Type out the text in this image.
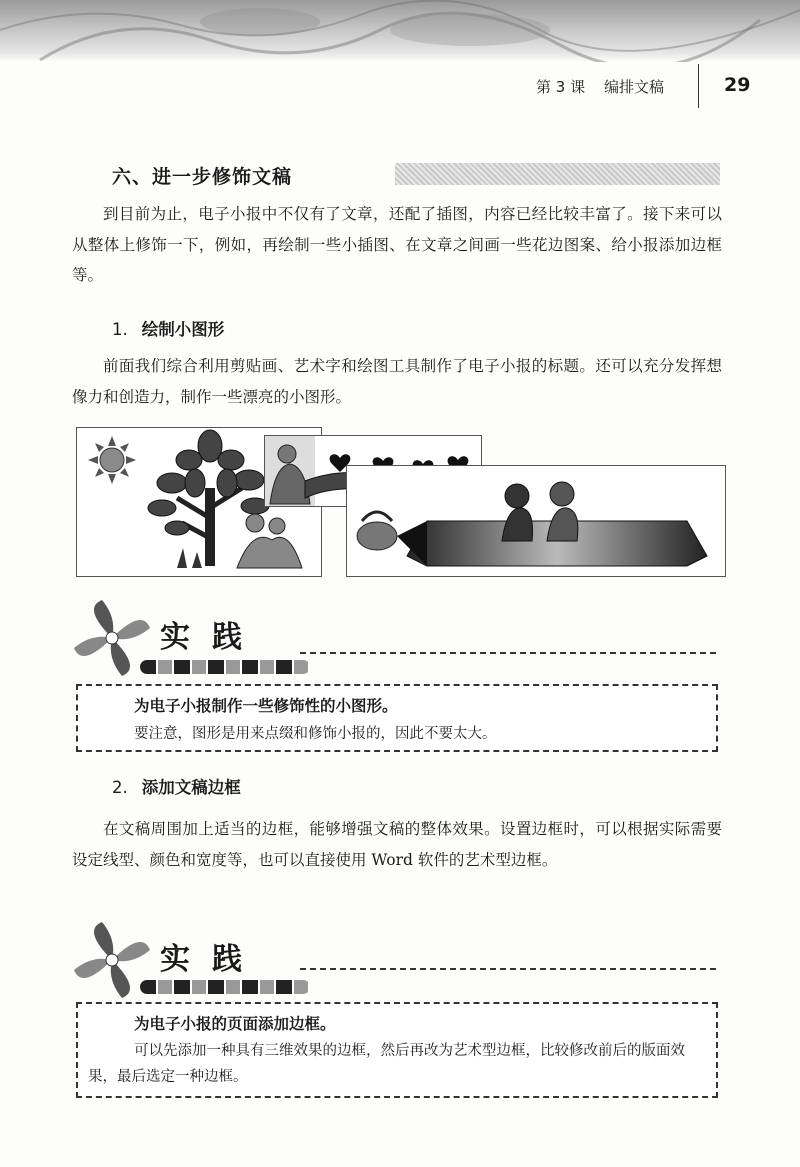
第 3 课 编排文稿	29
六、进一步修饰文稿

到目前为止，电子小报中不仅有了文章，还配了插图，内容已经比较丰富了。接下来可以从整体上修饰一下，例如，再绘制一些小插图、在文章之间画一些花边图案、给小报添加边框等。

1. 绘制小图形

前面我们综合利用剪贴画、艺术字和绘图工具制作了电子小报的标题。还可以充分发挥想像力和创造力，制作一些漂亮的小图形。

实践
为电子小报制作一些修饰性的小图形。
要注意，图形是用来点缀和修饰小报的，因此不要太大。
2. 添加文稿边框

在文稿周围加上适当的边框，能够增强文稿的整体效果。设置边框时，可以根据实际需要设定线型、颜色和宽度等，也可以直接使用 Word 软件的艺术型边框。

实践
为电子小报的页面添加边框。
可以先添加一种具有三维效果的边框，然后再改为艺术型边框，比较修改前后的版面效果，最后选定一种边框。
